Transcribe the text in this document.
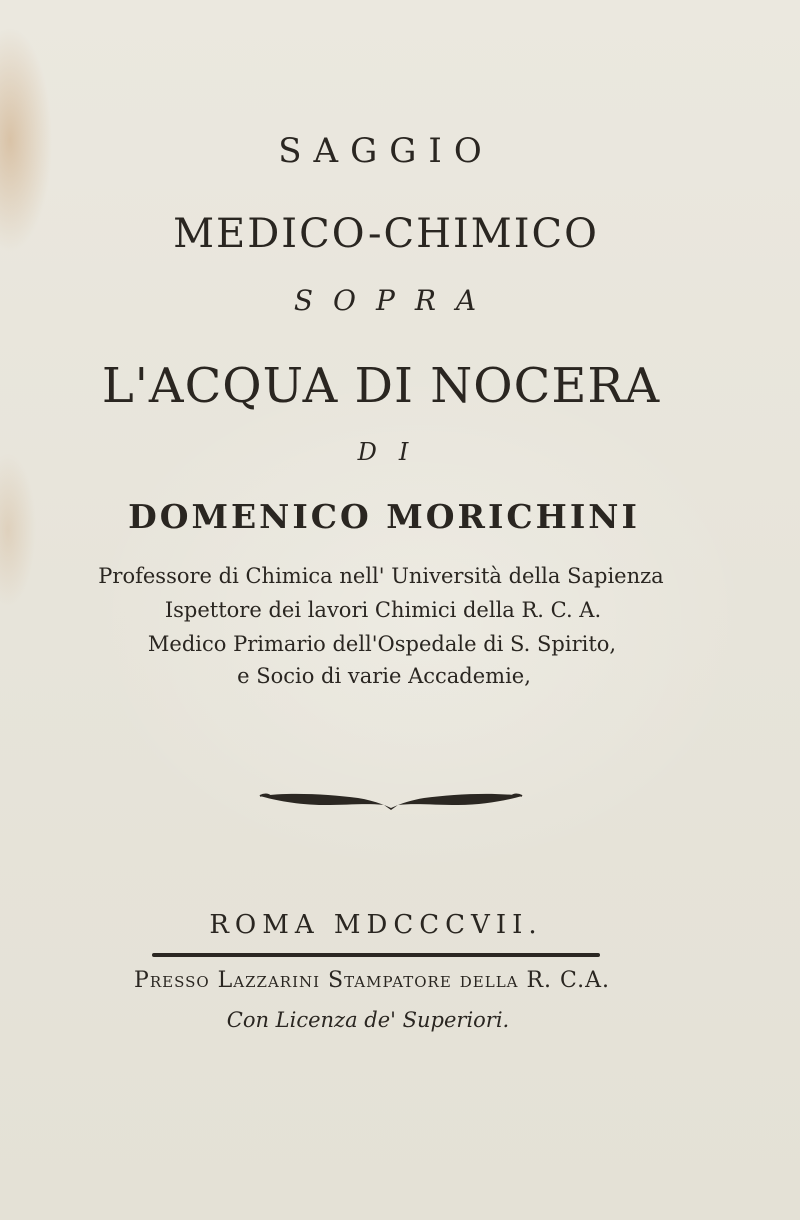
SAGGIO
MEDICO-CHIMICO
SOPRA
L'ACQUA DI NOCERA
DI
DOMENICO MORICHINI
Professore di Chimica nell' Università della Sapienza
Ispettore dei lavori Chimici della R. C. A.
Medico Primario dell'Ospedale di S. Spirito,
e Socio di varie Accademie,
ROMA MDCCCVII.
Presso Lazzarini Stampatore della R. C.A.
Con Licenza de' Superiori.
